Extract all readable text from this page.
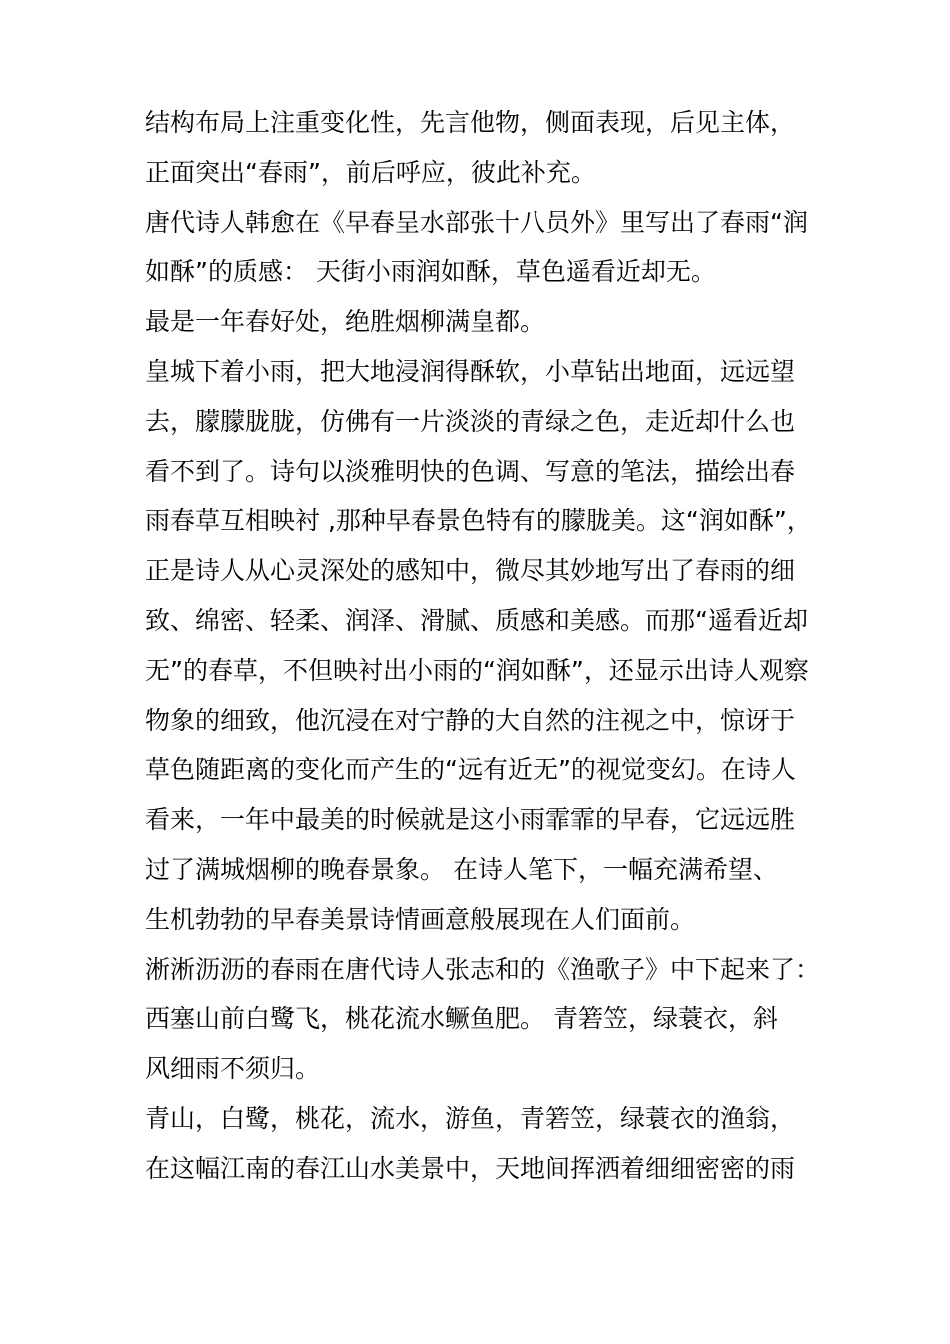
结构布局上注重变化性，先言他物，侧面表现，后见主体，
正面突出“春雨”，前后呼应，彼此补充。
唐代诗人韩愈在《早春呈水部张十八员外》里写出了春雨“润
如酥”的质感： 天街小雨润如酥，草色遥看近却无。
最是一年春好处，绝胜烟柳满皇都。
皇城下着小雨，把大地浸润得酥软，小草钻出地面，远远望
去，朦朦胧胧，仿佛有一片淡淡的青绿之色，走近却什么也
看不到了。诗句以淡雅明快的色调、写意的笔法，描绘出春
雨春草互相映衬 ,那种早春景色特有的朦胧美。这“润如酥”，
正是诗人从心灵深处的感知中，微尽其妙地写出了春雨的细
致、绵密、轻柔、润泽、滑腻、质感和美感。而那“遥看近却
无”的春草，不但映衬出小雨的“润如酥”，还显示出诗人观察
物象的细致，他沉浸在对宁静的大自然的注视之中，惊讶于
草色随距离的变化而产生的“远有近无”的视觉变幻。在诗人
看来，一年中最美的时候就是这小雨霏霏的早春，它远远胜
过了满城烟柳的晚春景象。 在诗人笔下，一幅充满希望、
生机勃勃的早春美景诗情画意般展现在人们面前。
淅淅沥沥的春雨在唐代诗人张志和的《渔歌子》中下起来了：
西塞山前白鹭飞，桃花流水鳜鱼肥。 青箬笠，绿蓑衣，斜
风细雨不须归。
青山，白鹭，桃花，流水，游鱼，青箬笠，绿蓑衣的渔翁，
在这幅江南的春江山水美景中，天地间挥洒着细细密密的雨
